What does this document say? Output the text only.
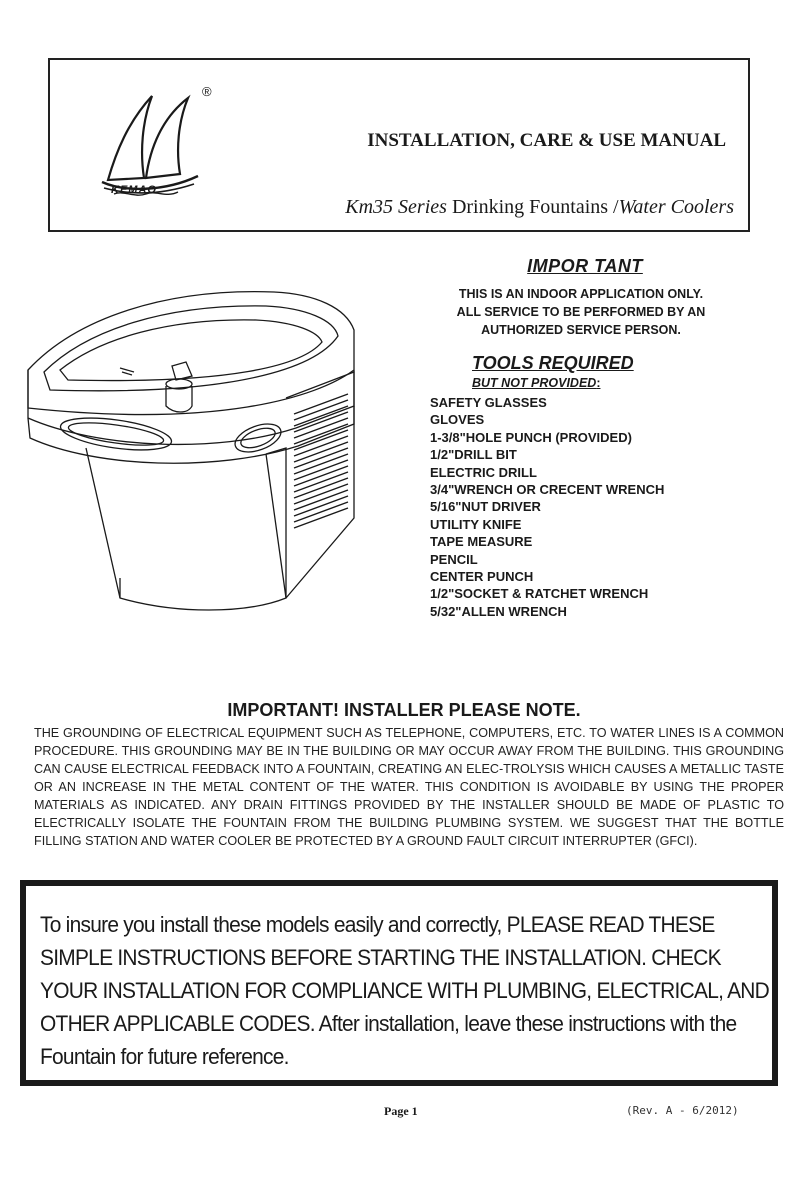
®
KEMAO
INSTALLATION, CARE & USE MANUAL
Km35 Series Drinking Fountains /Water Coolers
IMPOR TANT
THIS IS AN INDOOR APPLICATION ONLY.
ALL SERVICE TO BE PERFORMED BY AN
AUTHORIZED SERVICE PERSON.
TOOLS REQUIRED
BUT NOT PROVIDED:
SAFETY GLASSES
GLOVES
1-3/8"HOLE PUNCH (PROVIDED)
1/2"DRILL BIT
ELECTRIC DRILL
3/4"WRENCH OR CRECENT WRENCH
5/16"NUT DRIVER
UTILITY KNIFE
TAPE MEASURE
PENCIL
CENTER PUNCH
1/2"SOCKET & RATCHET WRENCH
5/32"ALLEN WRENCH
IMPORTANT! INSTALLER PLEASE NOTE.
THE GROUNDING OF ELECTRICAL EQUIPMENT SUCH AS TELEPHONE, COMPUTERS, ETC. TO WATER LINES IS A COMMON PROCEDURE. THIS GROUNDING MAY BE IN THE BUILDING OR MAY OCCUR AWAY FROM THE BUILDING. THIS GROUNDING CAN CAUSE ELECTRICAL FEEDBACK INTO A FOUNTAIN, CREATING AN ELEC-TROLYSIS WHICH CAUSES A METALLIC TASTE OR AN INCREASE IN THE METAL CONTENT OF THE WATER. THIS CONDITION IS AVOIDABLE BY USING THE PROPER MATERIALS AS INDICATED. ANY DRAIN FITTINGS PROVIDED BY THE INSTALLER SHOULD BE MADE OF PLASTIC TO ELECTRICALLY ISOLATE THE FOUNTAIN FROM THE BUILDING PLUMBING SYSTEM. WE SUGGEST THAT THE BOTTLE FILLING STATION AND WATER COOLER BE PROTECTED BY A GROUND FAULT CIRCUIT INTERRUPTER (GFCI).
To insure you install these models easily and correctly, PLEASE READ THESE SIMPLE INSTRUCTIONS BEFORE STARTING THE INSTALLATION. CHECK YOUR INSTALLATION FOR COMPLIANCE WITH PLUMBING, ELECTRICAL, AND OTHER APPLICABLE CODES. After installation, leave these instructions with the Fountain for future reference.
Page 1	(Rev. A - 6/2012)
